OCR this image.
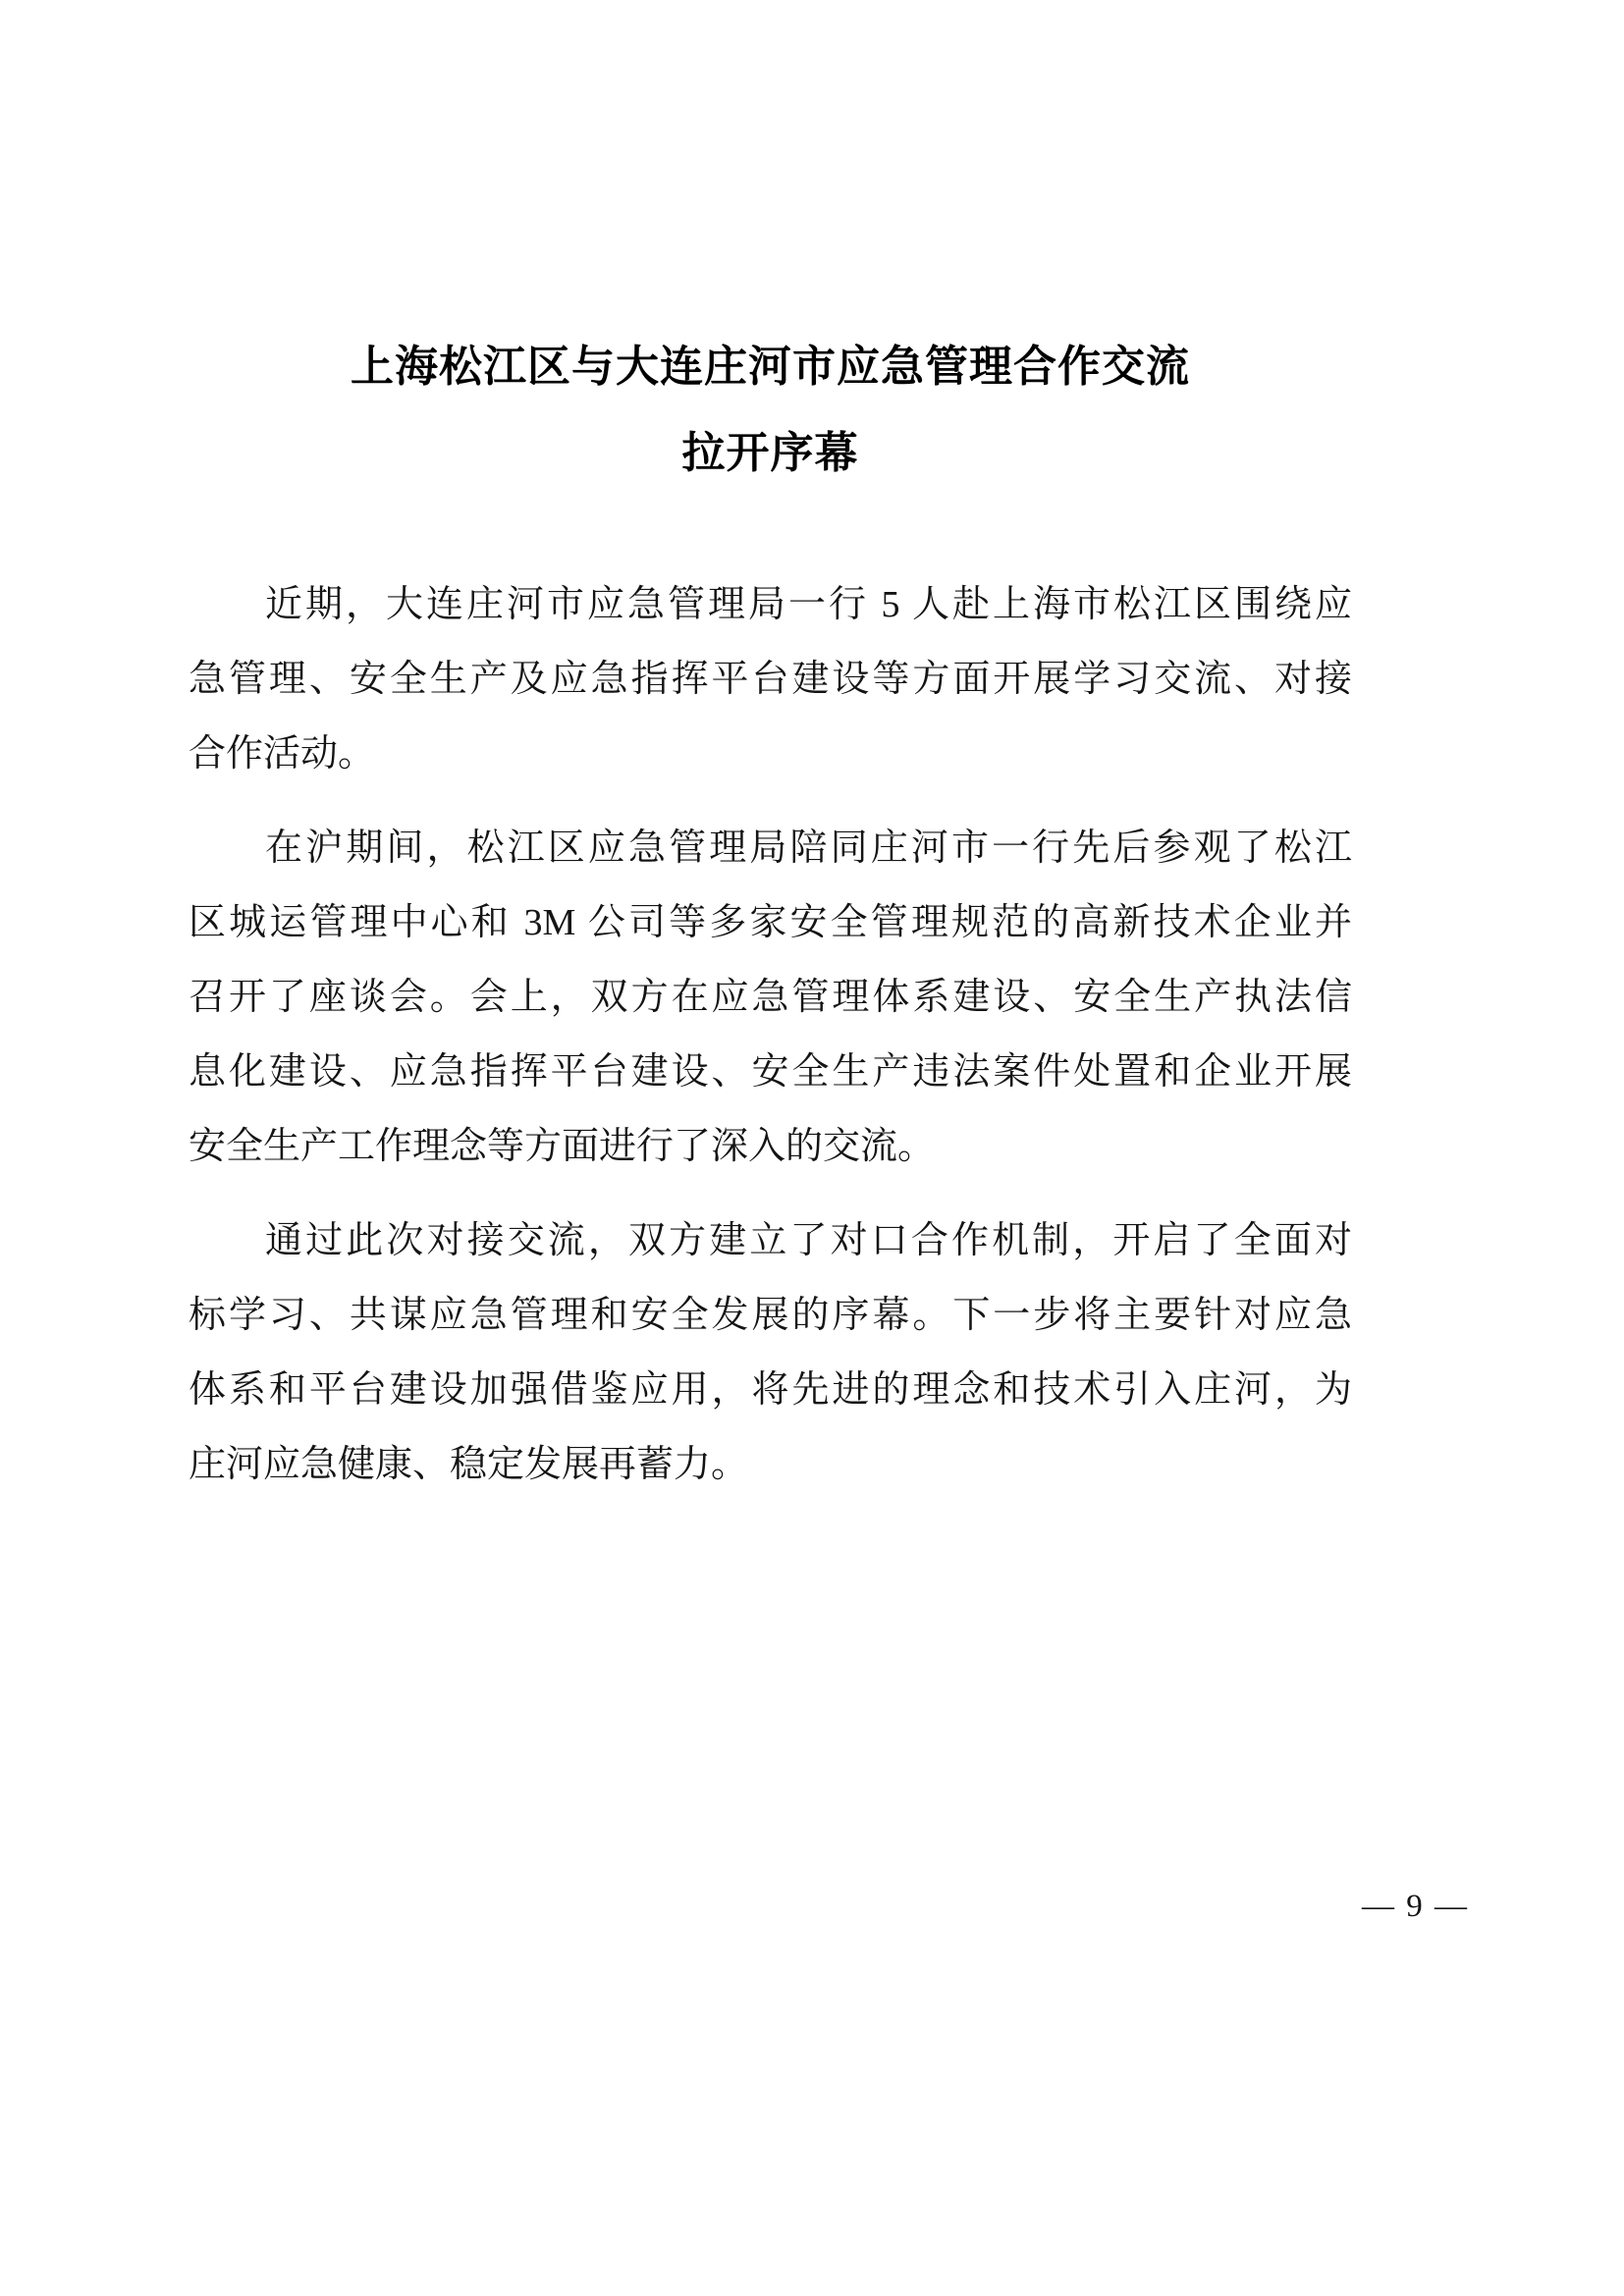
上海松江区与大连庄河市应急管理合作交流
拉开序幕
近期，大连庄河市应急管理局一行 5 人赴上海市松江区围绕应
急管理、安全生产及应急指挥平台建设等方面开展学习交流、对接
合作活动。
在沪期间，松江区应急管理局陪同庄河市一行先后参观了松江
区城运管理中心和 3M 公司等多家安全管理规范的高新技术企业并
召开了座谈会。会上，双方在应急管理体系建设、安全生产执法信
息化建设、应急指挥平台建设、安全生产违法案件处置和企业开展
安全生产工作理念等方面进行了深入的交流。
通过此次对接交流，双方建立了对口合作机制，开启了全面对
标学习、共谋应急管理和安全发展的序幕。下一步将主要针对应急
体系和平台建设加强借鉴应用，将先进的理念和技术引入庄河，为
庄河应急健康、稳定发展再蓄力。
— 9 —
